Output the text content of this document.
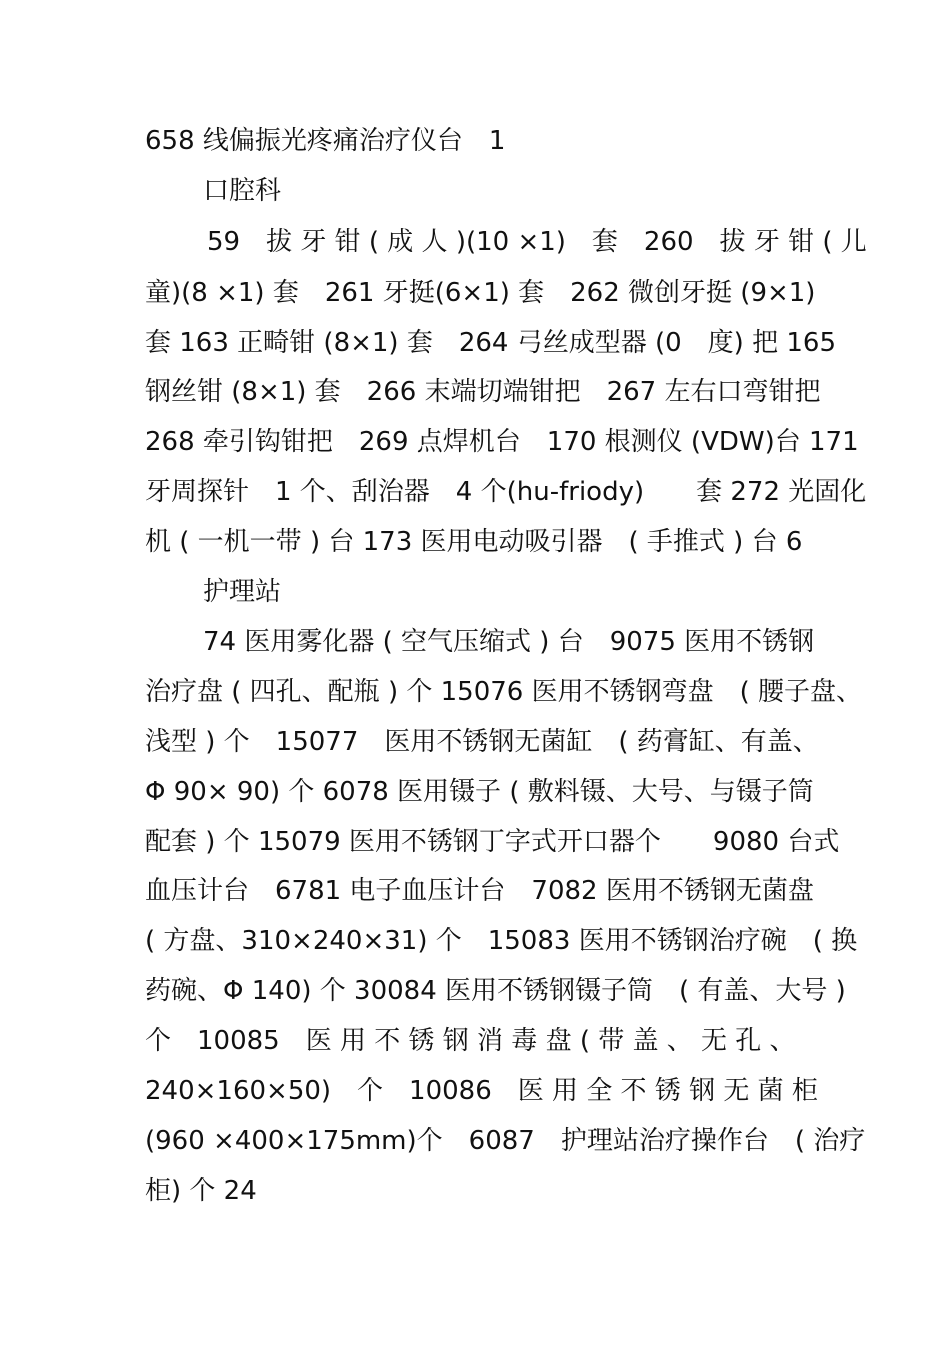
658 线偏振光疼痛治疗仪台　1
口腔科
59　拔 牙 钳 ( 成 人 )(10 ×1)　套　260　拔 牙 钳 ( 儿
童)(8 ×1) 套　261 牙挺(6×1) 套　262 微创牙挺 (9×1)
套 163 正畸钳 (8×1) 套　264 弓丝成型器 (0　度) 把 165
钢丝钳 (8×1) 套　266 末端切端钳把　267 左右口弯钳把
268 牵引钩钳把　269 点焊机台　170 根测仪 (VDW)台 171
牙周探针　1 个、刮治器　4 个(hu-friody)　　套 272 光固化
机 ( 一机一带 ) 台 173 医用电动吸引器　( 手推式 ) 台 6
护理站
74 医用雾化器 ( 空气压缩式 ) 台　9075 医用不锈钢
治疗盘 ( 四孔、配瓶 ) 个 15076 医用不锈钢弯盘　( 腰子盘、
浅型 ) 个　15077　医用不锈钢无菌缸　( 药膏缸、有盖、
Φ 90× 90) 个 6078 医用镊子 ( 敷料镊、大号、与镊子筒
配套 ) 个 15079 医用不锈钢丁字式开口器个　　9080 台式
血压计台　6781 电子血压计台　7082 医用不锈钢无菌盘
( 方盘、310×240×31) 个　15083 医用不锈钢治疗碗　( 换
药碗、Φ 140) 个 30084 医用不锈钢镊子筒　( 有盖、大号 )
个　10085　医 用 不 锈 钢 消 毒 盘 ( 带 盖 、 无 孔 、
240×160×50)　个　10086　医 用 全 不 锈 钢 无 菌 柜
(960 ×400×175mm)个　6087　护理站治疗操作台　( 治疗
柜) 个 24
